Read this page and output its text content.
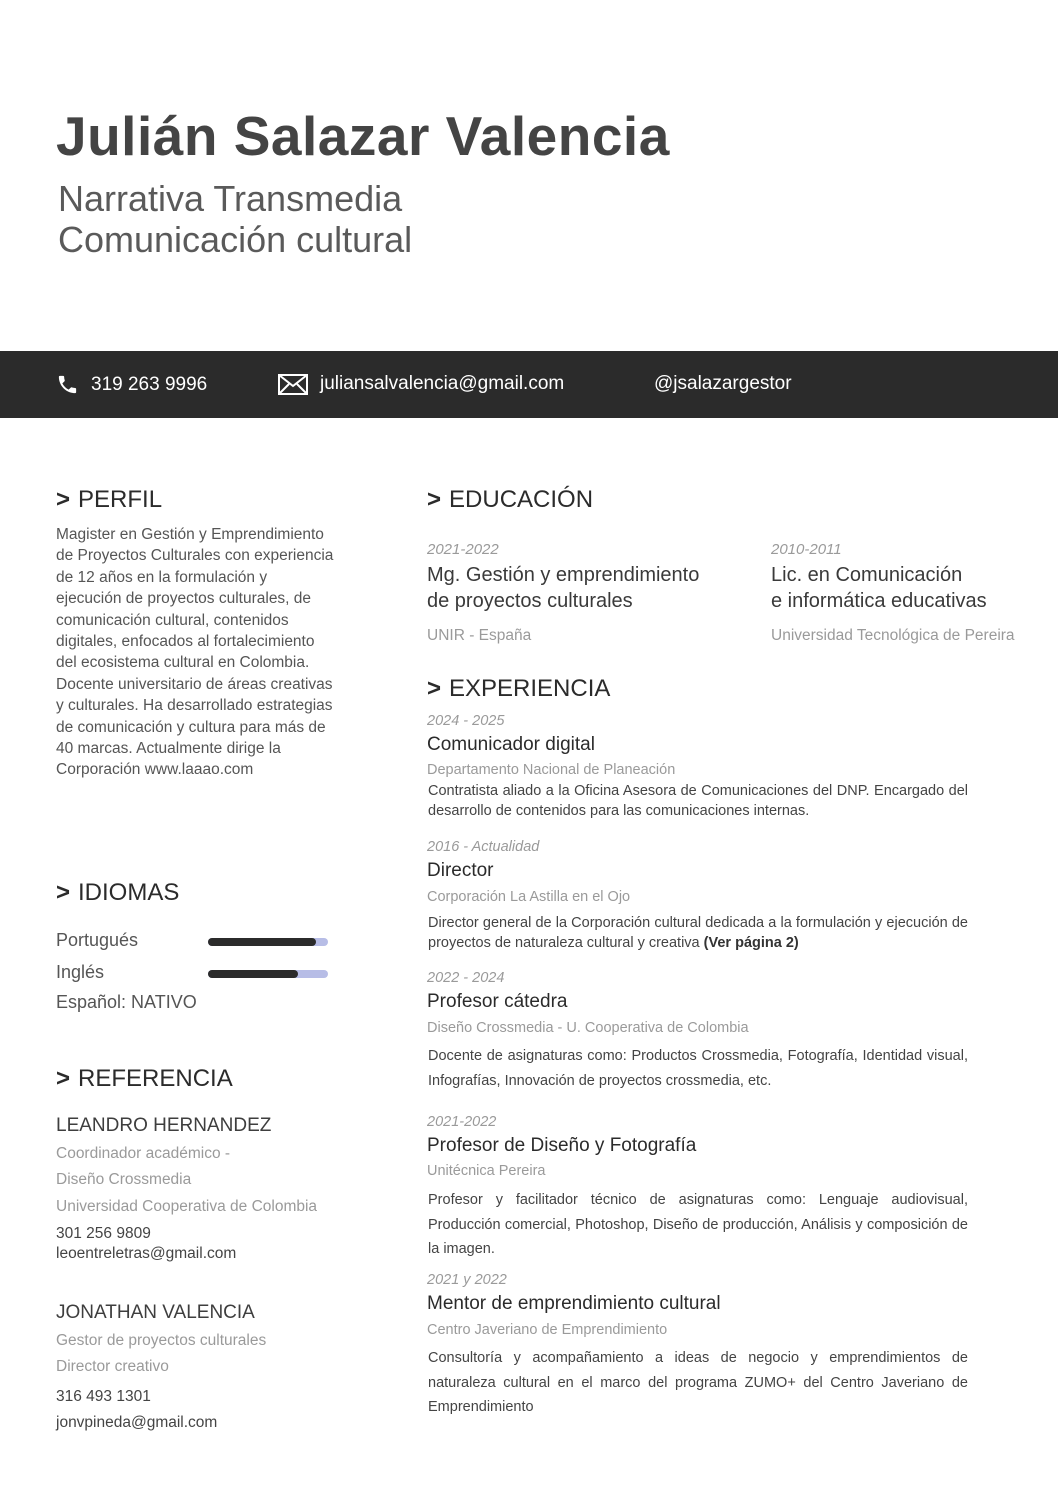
Julián Salazar Valencia
Narrativa Transmedia
Comunicación cultural
319 263 9996	juliansalvalencia@gmail.com	@jsalazargestor
> PERFIL
Magister en Gestión y Emprendimiento de Proyectos Culturales con experiencia de 12 años en la formulación y ejecución de proyectos culturales, de comunicación cultural, contenidos digitales, enfocados al fortalecimiento del ecosistema cultural en Colombia. Docente universitario de áreas creativas y culturales. Ha desarrollado estrategias de comunicación y cultura para más de 40 marcas. Actualmente dirige la Corporación www.laaao.com
> IDIOMAS
Portugués
Inglés
Español: NATIVO
> REFERENCIA
LEANDRO HERNANDEZ
Coordinador académico -
Diseño Crossmedia
Universidad Cooperativa de Colombia
301 256 9809
leoentreletras@gmail.com
JONATHAN VALENCIA
Gestor de proyectos culturales
Director creativo
316 493 1301
jonvpineda@gmail.com
> EDUCACIÓN
2021-2022
Mg. Gestión y emprendimiento
de proyectos culturales
UNIR - España
2010-2011
Lic. en Comunicación
e informática educativas
Universidad Tecnológica de Pereira
> EXPERIENCIA
2024 - 2025
Comunicador digital
Departamento Nacional de Planeación
Contratista aliado a la Oficina Asesora de Comunicaciones del DNP. Encargado del desarrollo de contenidos para las comunicaciones internas.
2016 - Actualidad
Director
Corporación La Astilla en el Ojo
Director general de la Corporación cultural dedicada a la formulación y ejecución de proyectos de naturaleza cultural y creativa (Ver página 2)
2022 - 2024
Profesor cátedra
Diseño Crossmedia - U. Cooperativa de Colombia
Docente de asignaturas como: Productos Crossmedia, Fotografía, Identidad visual, Infografías, Innovación de proyectos crossmedia, etc.
2021-2022
Profesor de Diseño y Fotografía
Unitécnica Pereira
Profesor y facilitador técnico de asignaturas como: Lenguaje audiovisual, Producción comercial, Photoshop, Diseño de producción, Análisis y composición de la imagen.
2021 y 2022
Mentor de emprendimiento cultural
Centro Javeriano de Emprendimiento
Consultoría y acompañamiento a ideas de negocio y emprendimientos de naturaleza cultural en el marco del programa ZUMO+ del Centro Javeriano de Emprendimiento
